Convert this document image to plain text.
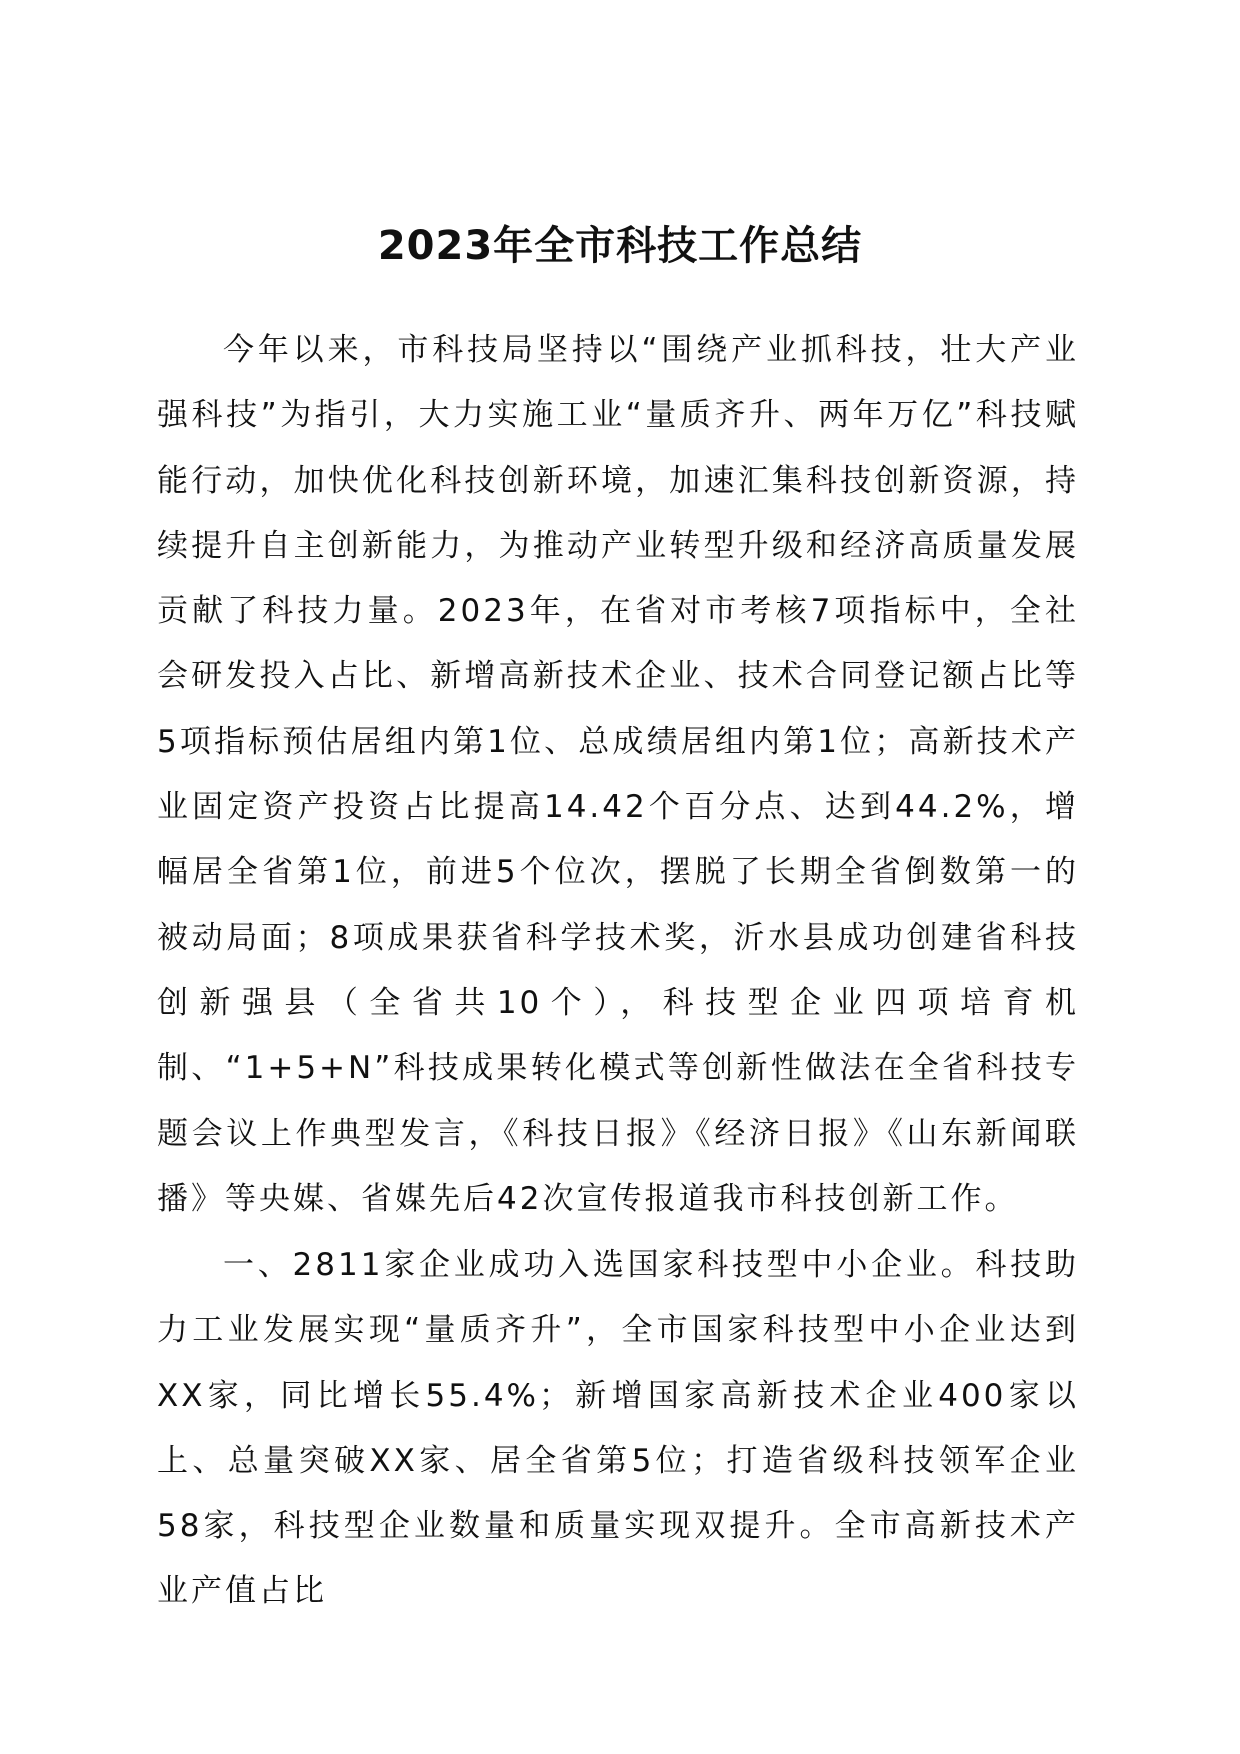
2023年全市科技工作总结

今年以来，市科技局坚持以“围绕产业抓科技，壮大产业强科技”为指引，大力实施工业“量质齐升、两年万亿”科技赋能行动，加快优化科技创新环境，加速汇集科技创新资源，持续提升自主创新能力，为推动产业转型升级和经济高质量发展贡献了科技力量。2023年，在省对市考核7项指标中，全社会研发投入占比、新增高新技术企业、技术合同登记额占比等5项指标预估居组内第1位、总成绩居组内第1位；高新技术产业固定资产投资占比提高14.42个百分点、达到44.2%，增幅居全省第1位，前进5个位次，摆脱了长期全省倒数第一的被动局面；8项成果获省科学技术奖，沂水县成功创建省科技创新强县（全省共10个），科技型企业四项培育机制、“1+5+N”科技成果转化模式等创新性做法在全省科技专题会议上作典型发言，《科技日报》《经济日报》《山东新闻联播》等央媒、省媒先后42次宣传报道我市科技创新工作。

一、2811家企业成功入选国家科技型中小企业。科技助力工业发展实现“量质齐升”，全市国家科技型中小企业达到XX家，同比增长55.4%；新增国家高新技术企业400家以上、总量突破XX家、居全省第5位；打造省级科技领军企业58家，科技型企业数量和质量实现双提升。全市高新技术产业产值占比
